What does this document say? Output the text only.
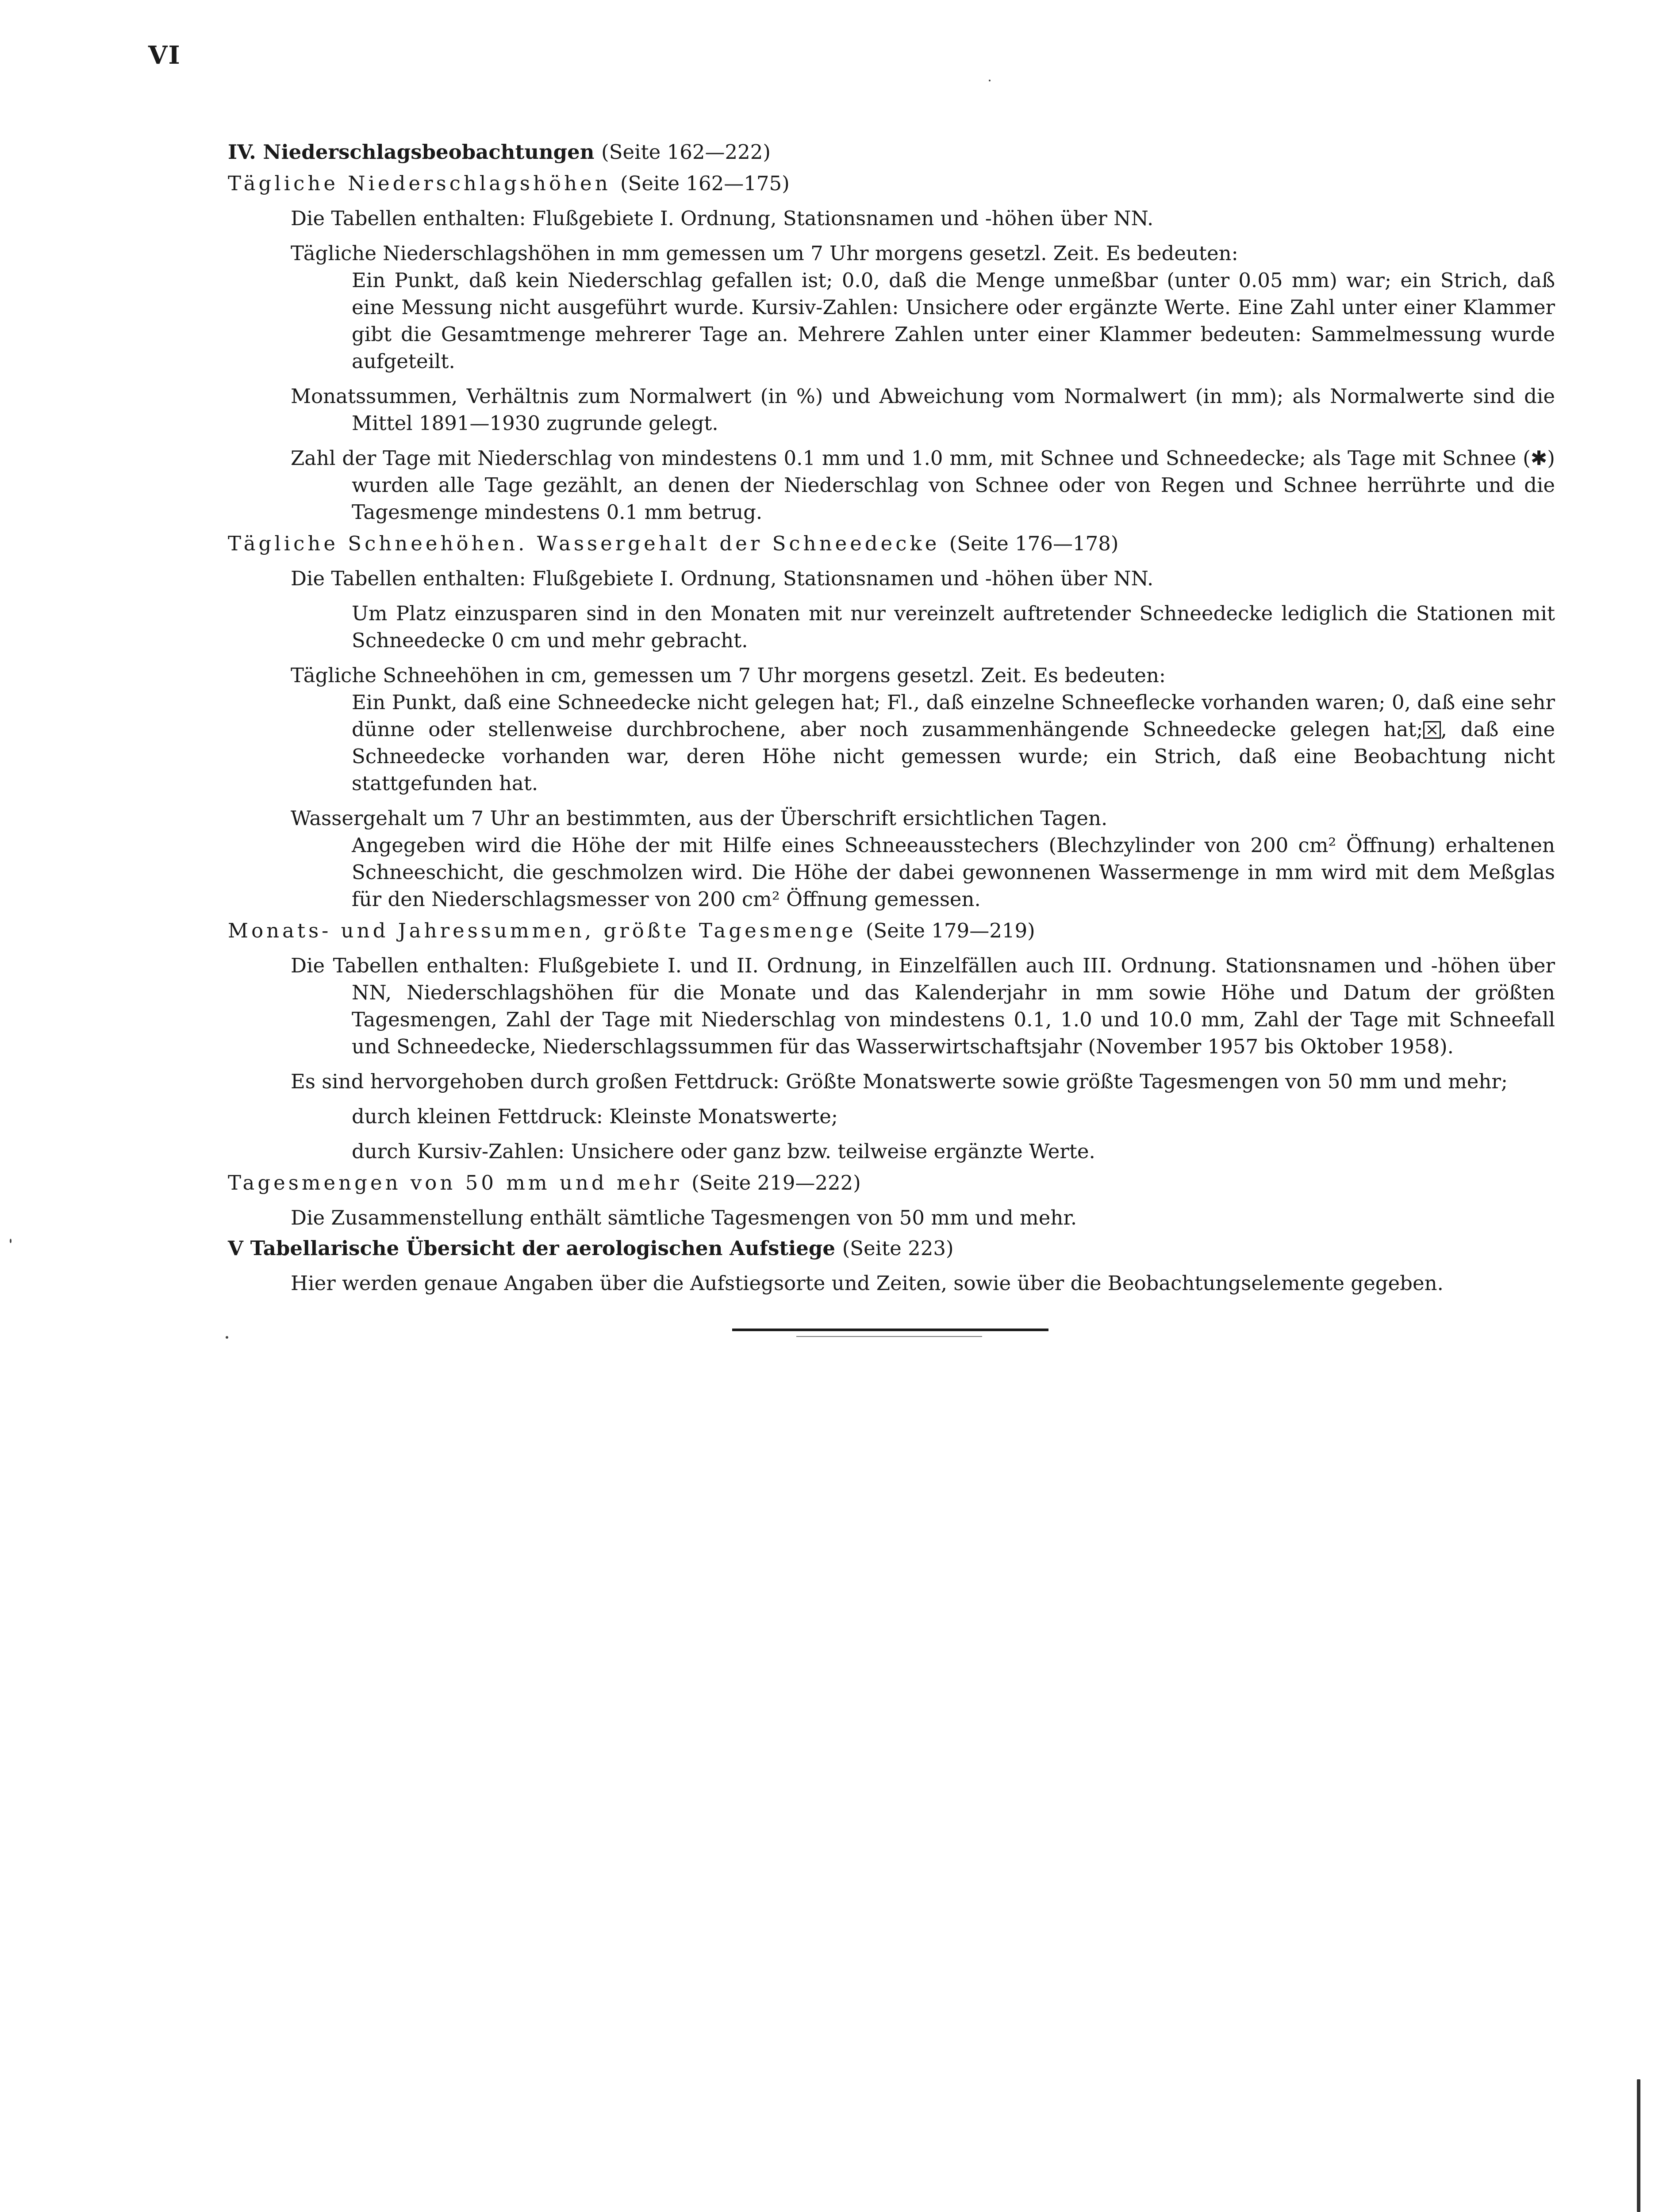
VI
IV. Niederschlagsbeobachtungen (Seite 162—222)
Tägliche Niederschlagshöhen (Seite 162—175)
Die Tabellen enthalten: Flußgebiete I. Ordnung, Stationsnamen und -höhen über NN.
Tägliche Niederschlagshöhen in mm gemessen um 7 Uhr morgens gesetzl. Zeit. Es bedeuten:
Ein Punkt, daß kein Niederschlag gefallen ist; 0.0, daß die Menge unmeßbar (unter 0.05 mm) war; ein Strich, daß eine Messung nicht ausgeführt wurde. Kursiv-Zahlen: Unsichere oder ergänzte Werte. Eine Zahl unter einer Klammer gibt die Gesamtmenge mehrerer Tage an. Mehrere Zahlen unter einer Klammer bedeuten: Sammelmessung wurde aufgeteilt.
Monatssummen, Verhältnis zum Normalwert (in %) und Abweichung vom Normalwert (in mm); als Normalwerte sind die Mittel 1891—1930 zugrunde gelegt.
Zahl der Tage mit Niederschlag von mindestens 0.1 mm und 1.0 mm, mit Schnee und Schneedecke; als Tage mit Schnee (✱) wurden alle Tage gezählt, an denen der Niederschlag von Schnee oder von Regen und Schnee herrührte und die Tagesmenge mindestens 0.1 mm betrug.
Tägliche Schneehöhen. Wassergehalt der Schneedecke (Seite 176—178)
Die Tabellen enthalten: Flußgebiete I. Ordnung, Stationsnamen und -höhen über NN.
Um Platz einzusparen sind in den Monaten mit nur vereinzelt auftretender Schneedecke lediglich die Stationen mit Schneedecke 0 cm und mehr gebracht.
Tägliche Schneehöhen in cm, gemessen um 7 Uhr morgens gesetzl. Zeit. Es bedeuten:
Ein Punkt, daß eine Schneedecke nicht gelegen hat; Fl., daß einzelne Schneeflecke vorhanden waren; 0, daß eine sehr dünne oder stellenweise durchbrochene, aber noch zusammenhängende Schneedecke gelegen hat; , daß eine Schneedecke vorhanden war, deren Höhe nicht gemessen wurde; ein Strich, daß eine Beobachtung nicht stattgefunden hat.
Wassergehalt um 7 Uhr an bestimmten, aus der Überschrift ersichtlichen Tagen.
Angegeben wird die Höhe der mit Hilfe eines Schneeausstechers (Blechzylinder von 200 cm² Öffnung) erhaltenen Schneeschicht, die geschmolzen wird. Die Höhe der dabei gewonnenen Wassermenge in mm wird mit dem Meßglas für den Niederschlagsmesser von 200 cm² Öffnung gemessen.
Monats- und Jahressummen, größte Tagesmenge (Seite 179—219)
Die Tabellen enthalten: Flußgebiete I. und II. Ordnung, in Einzelfällen auch III. Ordnung. Stationsnamen und -höhen über NN, Niederschlagshöhen für die Monate und das Kalenderjahr in mm sowie Höhe und Datum der größten Tagesmengen, Zahl der Tage mit Niederschlag von mindestens 0.1, 1.0 und 10.0 mm, Zahl der Tage mit Schneefall und Schneedecke, Niederschlagssummen für das Wasserwirtschaftsjahr (November 1957 bis Oktober 1958).
Es sind hervorgehoben durch großen Fettdruck: Größte Monatswerte sowie größte Tagesmengen von 50 mm und mehr;
durch kleinen Fettdruck: Kleinste Monatswerte;
durch Kursiv-Zahlen: Unsichere oder ganz bzw. teilweise ergänzte Werte.
Tagesmengen von 50 mm und mehr (Seite 219—222)
Die Zusammenstellung enthält sämtliche Tagesmengen von 50 mm und mehr.
V Tabellarische Übersicht der aerologischen Aufstiege (Seite 223)
Hier werden genaue Angaben über die Aufstiegsorte und Zeiten, sowie über die Beobachtungselemente gegeben.
